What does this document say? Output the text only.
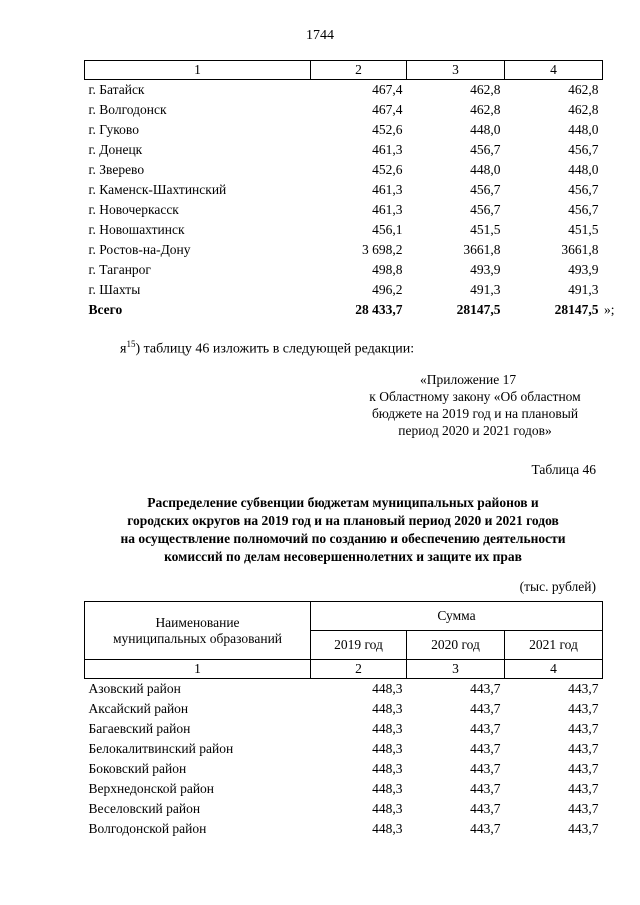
1744
1	2	3	4
г. Батайск	467,4	462,8	462,8
г. Волгодонск	467,4	462,8	462,8
г. Гуково	452,6	448,0	448,0
г. Донецк	461,3	456,7	456,7
г. Зверево	452,6	448,0	448,0
г. Каменск-Шахтинский	461,3	456,7	456,7
г. Новочеркасск	461,3	456,7	456,7
г. Новошахтинск	456,1	451,5	451,5
г. Ростов-на-Дону	3 698,2	3661,8	3661,8
г. Таганрог	498,8	493,9	493,9
г. Шахты	496,2	491,3	491,3
Всего	28 433,7	28147,5	28147,5 »;
$я^{15}$) таблицу 46 изложить в следующей редакции:
«Приложение 17
к Областному закону «Об областном
бюджете на 2019 год и на плановый
период 2020 и 2021 годов»
Таблица 46
Распределение субвенции бюджетам муниципальных районов и
городских округов на 2019 год и на плановый период 2020 и 2021 годов
на осуществление полномочий по созданию и обеспечению деятельности
комиссий по делам несовершеннолетних и защите их прав
(тыс. рублей)
Наименование
муниципальных образований	Сумма		
	2019 год	2020 год	2021 год
1	2	3	4
Азовский район	448,3	443,7	443,7
Аксайский район	448,3	443,7	443,7
Багаевский район	448,3	443,7	443,7
Белокалитвинский район	448,3	443,7	443,7
Боковский район	448,3	443,7	443,7
Верхнедонской район	448,3	443,7	443,7
Веселовский район	448,3	443,7	443,7
Волгодонской район	448,3	443,7	443,7
